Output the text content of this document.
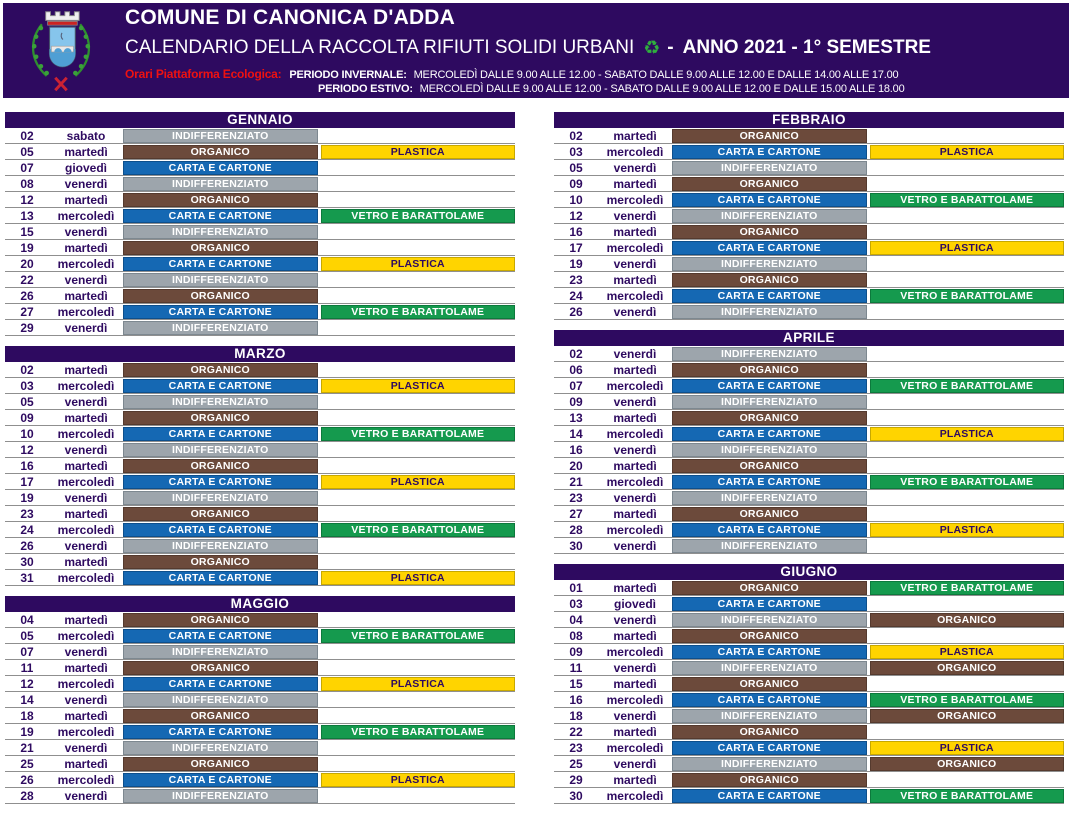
COMUNE DI CANONICA D'ADDA
CALENDARIO DELLA RACCOLTA RIFIUTI SOLIDI URBANI ♻ - ANNO 2021 - 1° SEMESTRE
Orari Piattaforma Ecologica: PERIODO INVERNALE: MERCOLEDÌ DALLE 9.00 ALLE 12.00 - SABATO DALLE 9.00 ALLE 12.00 E DALLE 14.00 ALLE 17.00
PERIODO ESTIVO: MERCOLEDÌ DALLE 9.00 ALLE 12.00 - SABATO DALLE 9.00 ALLE 12.00 E DALLE 15.00 ALLE 18.00
GENNAIO
02	sabato	INDIFFERENZIATO
05	martedì	ORGANICO	PLASTICA
07	giovedì	CARTA E CARTONE
08	venerdì	INDIFFERENZIATO
12	martedì	ORGANICO
13	mercoledì	CARTA E CARTONE	VETRO E BARATTOLAME
15	venerdì	INDIFFERENZIATO
19	martedì	ORGANICO
20	mercoledì	CARTA E CARTONE	PLASTICA
22	venerdì	INDIFFERENZIATO
26	martedì	ORGANICO
27	mercoledì	CARTA E CARTONE	VETRO E BARATTOLAME
29	venerdì	INDIFFERENZIATO
MARZO
02	martedì	ORGANICO
03	mercoledì	CARTA E CARTONE	PLASTICA
05	venerdì	INDIFFERENZIATO
09	martedì	ORGANICO
10	mercoledì	CARTA E CARTONE	VETRO E BARATTOLAME
12	venerdì	INDIFFERENZIATO
16	martedì	ORGANICO
17	mercoledì	CARTA E CARTONE	PLASTICA
19	venerdì	INDIFFERENZIATO
23	martedì	ORGANICO
24	mercoledì	CARTA E CARTONE	VETRO E BARATTOLAME
26	venerdì	INDIFFERENZIATO
30	martedì	ORGANICO
31	mercoledì	CARTA E CARTONE	PLASTICA
MAGGIO
04	martedì	ORGANICO
05	mercoledì	CARTA E CARTONE	VETRO E BARATTOLAME
07	venerdì	INDIFFERENZIATO
11	martedì	ORGANICO
12	mercoledì	CARTA E CARTONE	PLASTICA
14	venerdì	INDIFFERENZIATO
18	martedì	ORGANICO
19	mercoledì	CARTA E CARTONE	VETRO E BARATTOLAME
21	venerdì	INDIFFERENZIATO
25	martedì	ORGANICO
26	mercoledì	CARTA E CARTONE	PLASTICA
28	venerdì	INDIFFERENZIATO
FEBBRAIO
02	martedì	ORGANICO
03	mercoledì	CARTA E CARTONE	PLASTICA
05	venerdì	INDIFFERENZIATO
09	martedì	ORGANICO
10	mercoledì	CARTA E CARTONE	VETRO E BARATTOLAME
12	venerdì	INDIFFERENZIATO
16	martedì	ORGANICO
17	mercoledì	CARTA E CARTONE	PLASTICA
19	venerdì	INDIFFERENZIATO
23	martedì	ORGANICO
24	mercoledì	CARTA E CARTONE	VETRO E BARATTOLAME
26	venerdì	INDIFFERENZIATO
APRILE
02	venerdì	INDIFFERENZIATO
06	martedì	ORGANICO
07	mercoledì	CARTA E CARTONE	VETRO E BARATTOLAME
09	venerdì	INDIFFERENZIATO
13	martedì	ORGANICO
14	mercoledì	CARTA E CARTONE	PLASTICA
16	venerdì	INDIFFERENZIATO
20	martedì	ORGANICO
21	mercoledì	CARTA E CARTONE	VETRO E BARATTOLAME
23	venerdì	INDIFFERENZIATO
27	martedì	ORGANICO
28	mercoledì	CARTA E CARTONE	PLASTICA
30	venerdì	INDIFFERENZIATO
GIUGNO
01	martedì	ORGANICO	VETRO E BARATTOLAME
03	giovedì	CARTA E CARTONE
04	venerdì	INDIFFERENZIATO	ORGANICO
08	martedì	ORGANICO
09	mercoledì	CARTA E CARTONE	PLASTICA
11	venerdì	INDIFFERENZIATO	ORGANICO
15	martedì	ORGANICO
16	mercoledì	CARTA E CARTONE	VETRO E BARATTOLAME
18	venerdì	INDIFFERENZIATO	ORGANICO
22	martedì	ORGANICO
23	mercoledì	CARTA E CARTONE	PLASTICA
25	venerdì	INDIFFERENZIATO	ORGANICO
29	martedì	ORGANICO
30	mercoledì	CARTA E CARTONE	VETRO E BARATTOLAME
